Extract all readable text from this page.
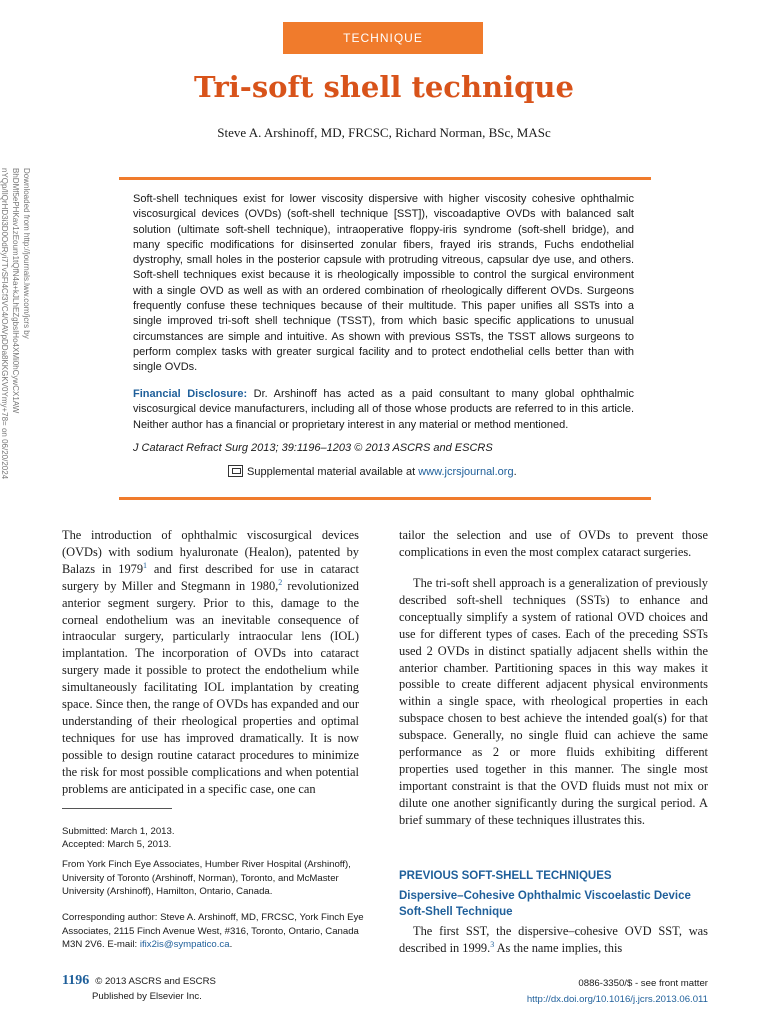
TECHNIQUE
Tri-soft shell technique
Steve A. Arshinoff, MD, FRCSC, Richard Norman, BSc, MASc
Downloaded from http://journals.lww.com/jcrs by BhDMf5ePHKav1zEoum1tQfN4a+kJLhEZgbsIHo4XMi0hCywCX1AW nYQp/IlQrHD3i3D0OdRyi7TvSFl4Cf3VC4/OAVpDDa8KKGKV0Ymy+78= on 06/20/2024	Soft-shell techniques exist for lower viscosity dispersive with higher viscosity cohesive ophthalmic viscosurgical devices (OVDs) (soft-shell technique [SST]), viscoadaptive OVDs with balanced salt solution (ultimate soft-shell technique), intraoperative floppy-iris syndrome (soft-shell bridge), and many specific modifications for disinserted zonular fibers, frayed iris strands, Fuchs endothelial dystrophy, small holes in the posterior capsule with protruding vitreous, capsular dye use, and others. Soft-shell techniques exist because it is rheologically impossible to control the surgical environment with a single OVD as well as with an ordered combination of rheologically different OVDs. Surgeons frequently confuse these techniques because of their multitude. This paper unifies all SSTs into a single improved tri-soft shell technique (TSST), from which basic specific applications to unusual circumstances are simple and intuitive. As shown with previous SSTs, the TSST allows surgeons to perform complex tasks with greater surgical facility and to protect endothelial cells better than with single OVDs.

Financial Disclosure: Dr. Arshinoff has acted as a paid consultant to many global ophthalmic viscosurgical device manufacturers, including all of those whose products are referred to in this article. Neither author has a financial or proprietary interest in any material or method mentioned.

J Cataract Refract Surg 2013; 39:1196–1203 © 2013 ASCRS and ESCRS
Supplemental material available at www.jcrsjournal.org.

The introduction of ophthalmic viscosurgical devices (OVDs) with sodium hyaluronate (Healon), patented by Balazs in 1979$^1$ and first described for use in cataract surgery by Miller and Stegmann in 1980,$^2$ revolutionized anterior segment surgery. Prior to this, damage to the corneal endothelium was an inevitable consequence of intraocular surgery, particularly intraocular lens (IOL) implantation. The incorporation of OVDs into cataract surgery made it possible to protect the endothelium while simultaneously facilitating IOL implantation by creating space. Since then, the range of OVDs has expanded and our understanding of their rheological properties and optimal techniques for use has improved dramatically. It is now possible to design routine cataract procedures to minimize the risk for most possible complications and when potential problems are anticipated in a specific case, one can

Submitted: March 1, 2013.

Accepted: March 5, 2013.

From York Finch Eye Associates, Humber River Hospital (Arshinoff), University of Toronto (Arshinoff, Norman), Toronto, and McMaster University (Arshinoff), Hamilton, Ontario, Canada.

Corresponding author: Steve A. Arshinoff, MD, FRCSC, York Finch Eye Associates, 2115 Finch Avenue West, #316, Toronto, Ontario, Canada M3N 2V6. E-mail: ifix2is@sympatico.ca.

tailor the selection and use of OVDs to prevent those complications in even the most complex cataract surgeries.

The tri-soft shell approach is a generalization of previously described soft-shell techniques (SSTs) to enhance and conceptually simplify a system of rational OVD choices and use for different types of cases. Each of the preceding SSTs used 2 OVDs in distinct spatially adjacent shells within the anterior chamber. Partitioning spaces in this way makes it possible to create different adjacent physical environments within a single space, with rheological properties in each subspace chosen to best achieve the intended goal(s) for that subspace. Generally, no single fluid can achieve the same performance as 2 or more fluids exhibiting different properties used together in this manner. The single most important constraint is that the OVD fluids must not mix or dilute one another significantly during the surgical period. A brief summary of these techniques illustrates this.

PREVIOUS SOFT-SHELL TECHNIQUES
Dispersive–Cohesive Ophthalmic Viscoelastic Device Soft-Shell Technique

The first SST, the dispersive–cohesive OVD SST, was described in 1999.$^3$ As the name implies, this

1196 © 2013 ASCRS and ESCRS
Published by Elsevier Inc.
0886-3350/$ - see front matter
http://dx.doi.org/10.1016/j.jcrs.2013.06.011
